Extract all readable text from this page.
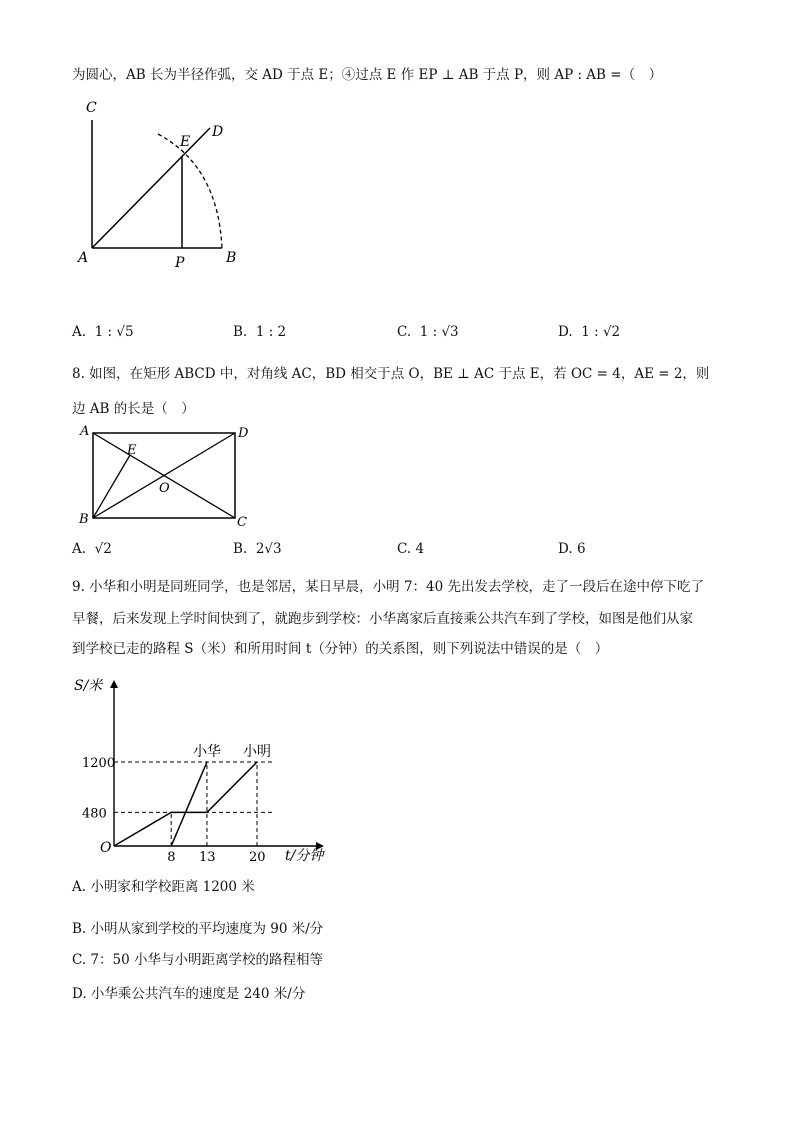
为圆心，AB 长为半径作弧，交 AD 于点 E；④过点 E 作 EP ⊥ AB 于点 P，则 AP : AB =（　）
C
E
D
A	P	B
A. 1 : √5	B. 1 : 2	C. 1 : √3	D. 1 : √2
8. 如图，在矩形 ABCD 中，对角线 AC，BD 相交于点 O，BE ⊥ AC 于点 E，若 OC = 4，AE = 2，则
边 AB 的长是（　）
A	D
E
O
B	C
A. √2	B. 2√3	C. 4	D. 6
9. 小华和小明是同班同学，也是邻居，某日早晨，小明 7：40 先出发去学校，走了一段后在途中停下吃了
早餐，后来发现上学时间快到了，就跑步到学校：小华离家后直接乘公共汽车到了学校，如图是他们从家
到学校已走的路程 S（米）和所用时间 t（分钟）的关系图，则下列说法中错误的是（　）
S/米
t/分钟
O
480
1200
8 13	20
小华 小明
A. 小明家和学校距离 1200 米
B. 小明从家到学校的平均速度为 90 米/分
C. 7：50 小华与小明距离学校的路程相等
D. 小华乘公共汽车的速度是 240 米/分
